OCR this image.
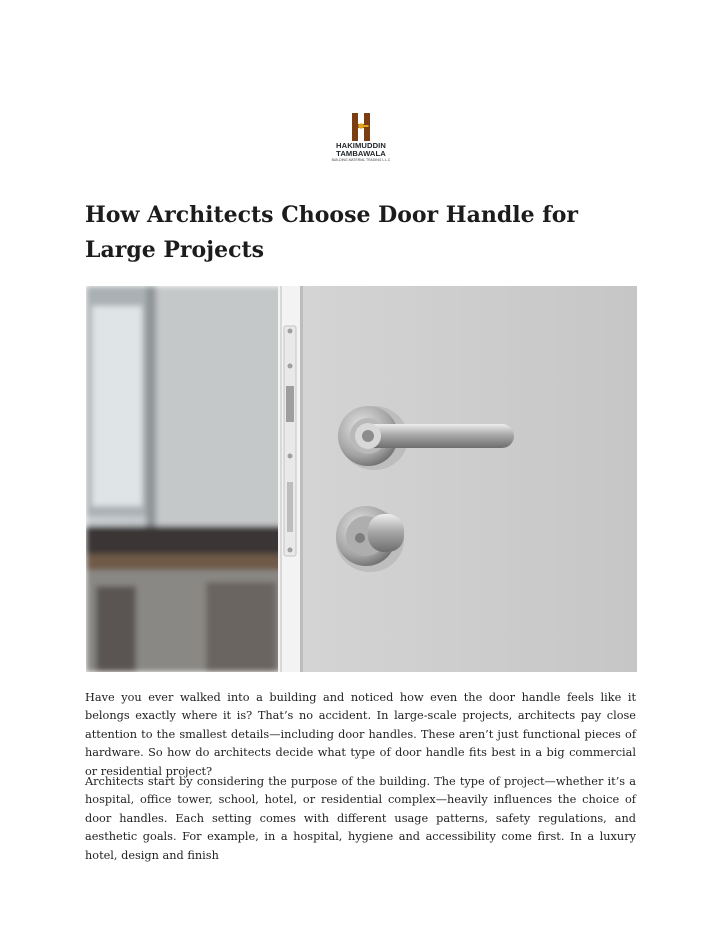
HAKIMUDDIN
TAMBAWALA
BUILDING MATERIAL TRADING L.L.C
How Architects Choose Door Handle for Large Projects

Have you ever walked into a building and noticed how even the door handle feels like it belongs exactly where it is? That’s no accident. In large-scale projects, architects pay close attention to the smallest details—including door handles. These aren’t just functional pieces of hardware. So how do architects decide what type of door handle fits best in a big commercial or residential project?

Architects start by considering the purpose of the building. The type of project—whether it’s a hospital, office tower, school, hotel, or residential complex—heavily influences the choice of door handles. Each setting comes with different usage patterns, safety regulations, and aesthetic goals. For example, in a hospital, hygiene and accessibility come first. In a luxury hotel, design and finish
